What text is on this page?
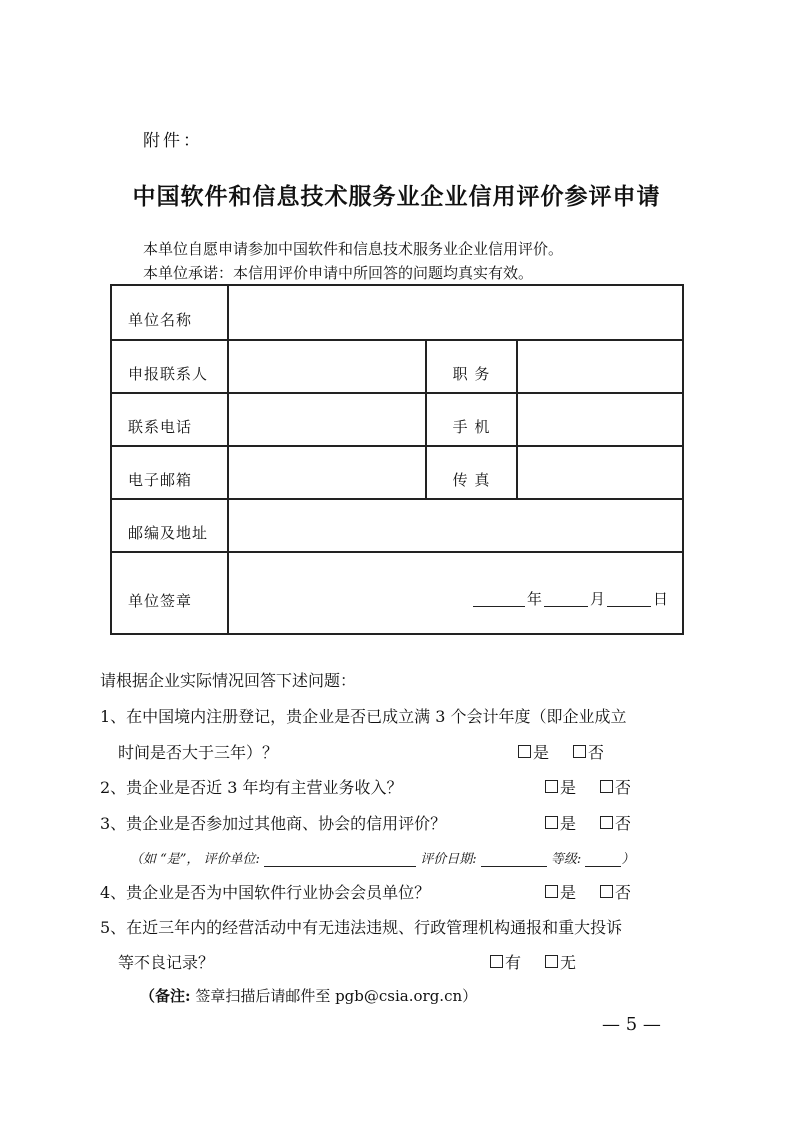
附件：
中国软件和信息技术服务业企业信用评价参评申请
本单位自愿申请参加中国软件和信息技术服务业企业信用评价。
本单位承诺：本信用评价申请中所回答的问题均真实有效。
单位名称			
申报联系人		职 务	
联系电话		手 机	
电子邮箱		传 真	
邮编及地址			
单位签章	年 月 日		
请根据企业实际情况回答下述问题：
1、在中国境内注册登记，贵企业是否已成立满 3 个会计年度（即企业成立
时间是否大于三年）？	是	否
2、贵企业是否近 3 年均有主营业务收入？	是	否
3、贵企业是否参加过其他商、协会的信用评价？	是	否
（如 “是”， 评价单位:	评价日期:	等级:	）
4、贵企业是否为中国软件行业协会会员单位？	是	否
5、在近三年内的经营活动中有无违法违规、行政管理机构通报和重大投诉
等不良记录？	有	无
（备注: 签章扫描后请邮件至 pgb@csia.org.cn）
— 5 —
